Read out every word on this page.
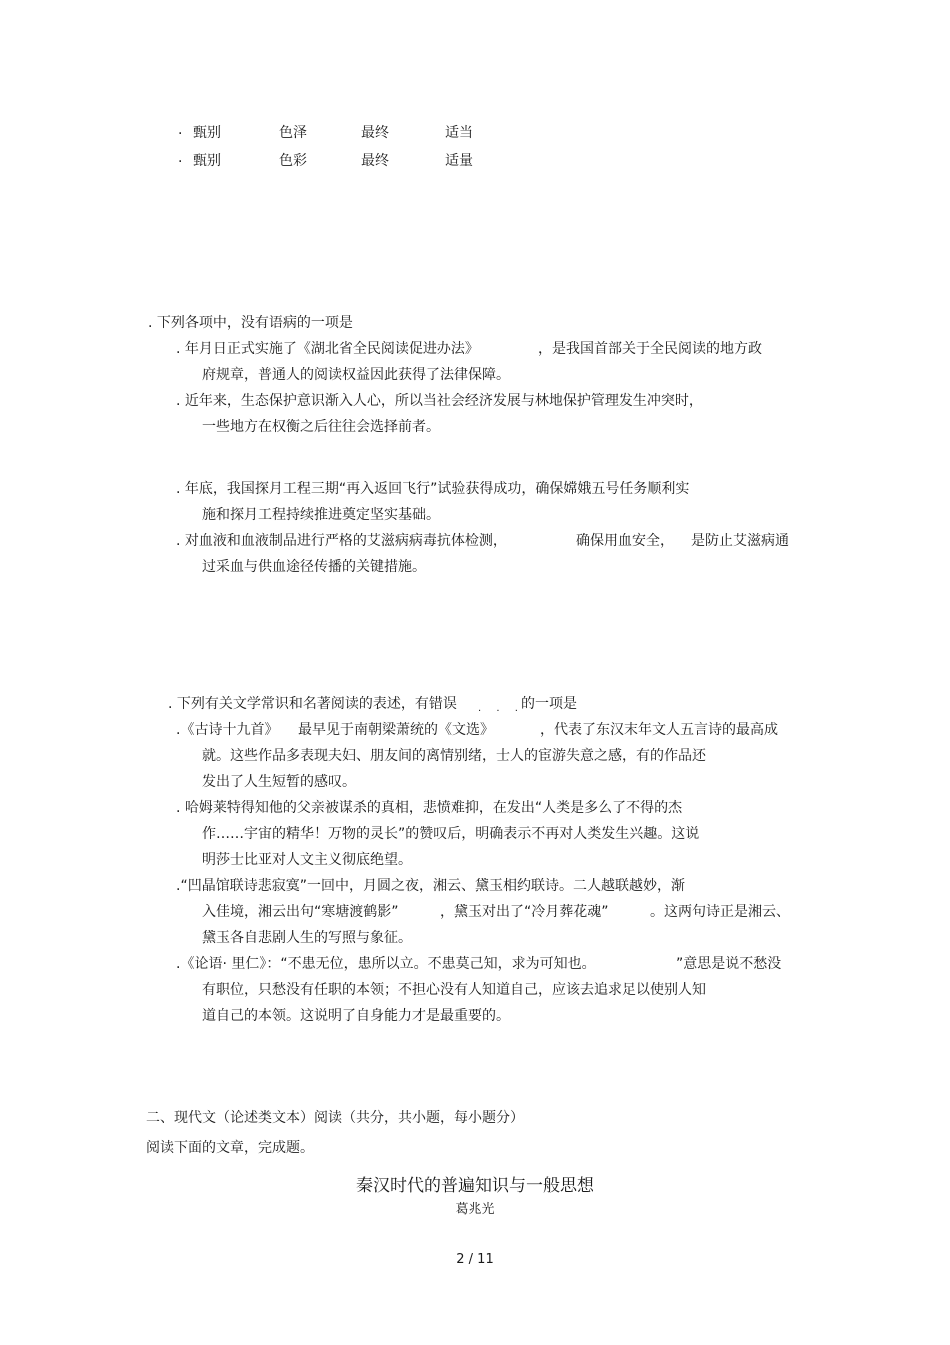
. 甄别	色泽	最终	适当
. 甄别	色彩	最终	适量
. 下列各项中，没有语病的一项是
. 年月日正式实施了《湖北省全民阅读促进办法》	，是我国首部关于全民阅读的地方政
府规章，普通人的阅读权益因此获得了法律保障。
. 近年来，生态保护意识渐入人心，所以当社会经济发展与林地保护管理发生冲突时，
一些地方在权衡之后往往会选择前者。
. 年底，我国探月工程三期“再入返回飞行”试验获得成功，确保嫦娥五号任务顺利实
施和探月工程持续推进奠定坚实基础。
. 对血液和血液制品进行严格的艾滋病病毒抗体检测，	确保用血安全， 是防止艾滋病通
过采血与供血途径传播的关键措施。
. 下列有关文学常识和名著阅读的表述，有错误 · · ·
的一项是
.《古诗十九首》 最早见于南朝梁萧统的《文选》	，代表了东汉末年文人五言诗的最高成
就。这些作品多表现夫妇、朋友间的离情别绪，士人的宦游失意之感，有的作品还
发出了人生短暂的感叹。
. 哈姆莱特得知他的父亲被谋杀的真相，悲愤难抑，在发出“人类是多么了不得的杰
作……宇宙的精华！万物的灵长”的赞叹后，明确表示不再对人类发生兴趣。这说
明莎士比亚对人文主义彻底绝望。
.“凹晶馆联诗悲寂寞”一回中，月圆之夜，湘云、黛玉相约联诗。二人越联越妙，渐
入佳境，湘云出句“寒塘渡鹤影”	，黛玉对出了“冷月葬花魂”	。这两句诗正是湘云、
黛玉各自悲剧人生的写照与象征。
.《论语· 里仁》：“不患无位，患所以立。不患莫己知，求为可知也。	”意思是说不愁没
有职位，只愁没有任职的本领；不担心没有人知道自己，应该去追求足以使别人知
道自己的本领。这说明了自身能力才是最重要的。
二、现代文（论述类文本）阅读（共分，共小题，每小题分）
阅读下面的文章，完成题。
秦汉时代的普遍知识与一般思想
葛兆光
2 / 11
